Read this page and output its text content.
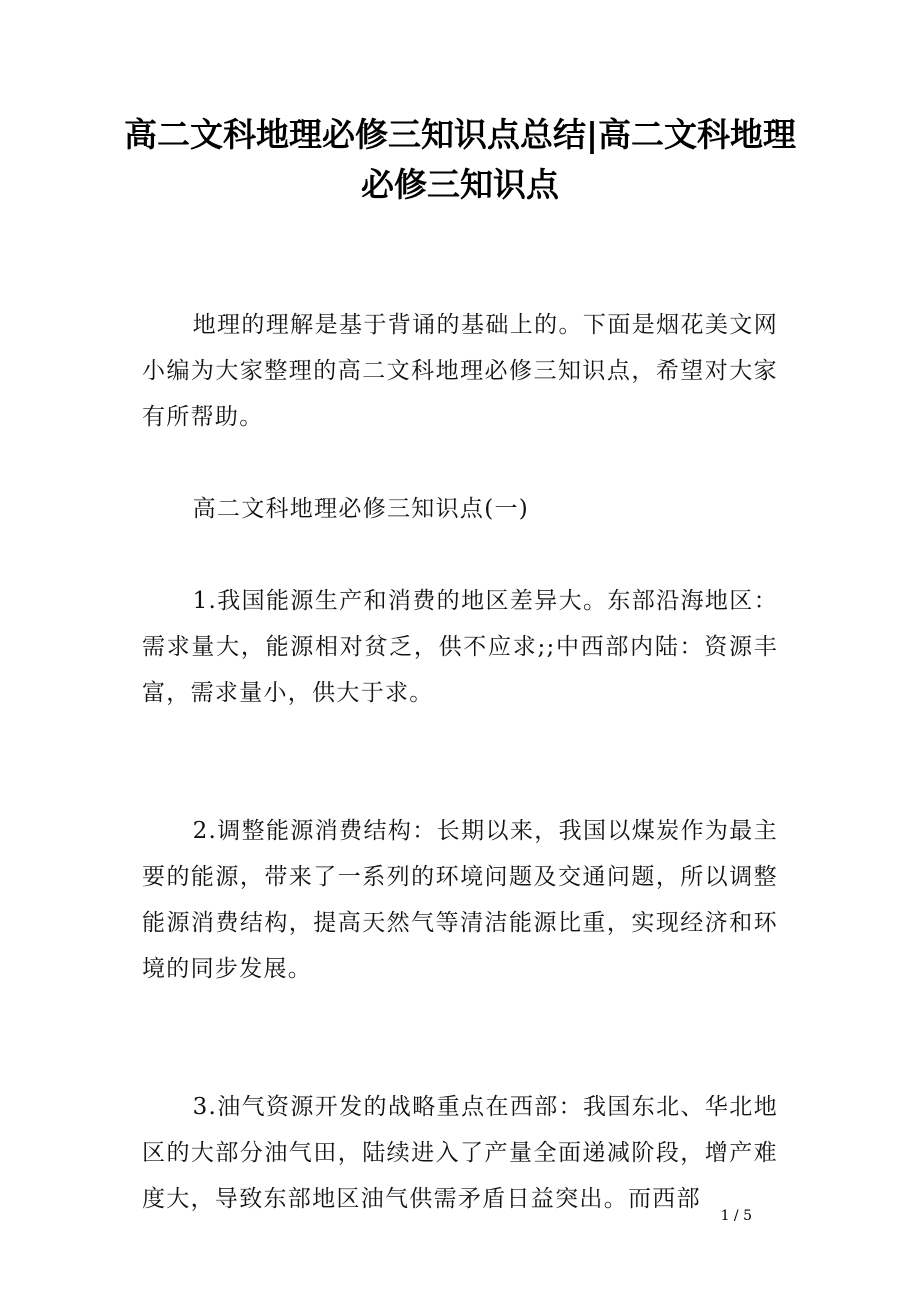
高二文科地理必修三知识点总结|高二文科地理必修三知识点

地理的理解是基于背诵的基础上的。下面是烟花美文网小编为大家整理的高二文科地理必修三知识点，希望对大家有所帮助。

高二文科地理必修三知识点(一)

1.我国能源生产和消费的地区差异大。东部沿海地区：需求量大，能源相对贫乏，供不应求;;中西部内陆：资源丰富，需求量小，供大于求。

2.调整能源消费结构：长期以来，我国以煤炭作为最主要的能源，带来了一系列的环境问题及交通问题，所以调整能源消费结构，提高天然气等清洁能源比重，实现经济和环境的同步发展。

3.油气资源开发的战略重点在西部：我国东北、华北地区的大部分油气田，陆续进入了产量全面递减阶段，增产难度大，导致东部地区油气供需矛盾日益突出。而西部

1 / 5
